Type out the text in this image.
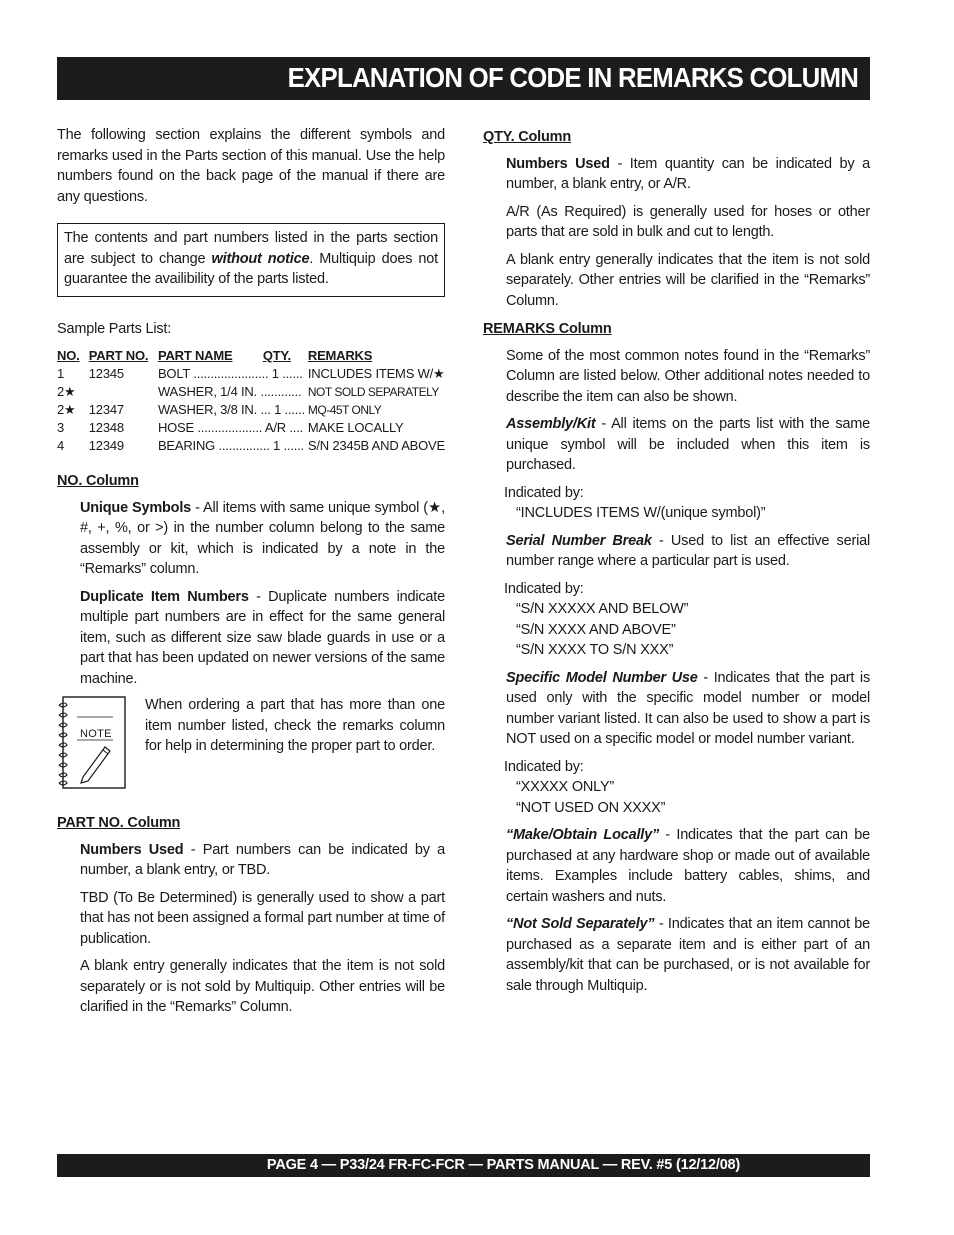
EXPLANATION OF CODE IN REMARKS COLUMN

The following section explains the different symbols and remarks used in the Parts section of this manual. Use the help numbers found on the back page of the manual if there are any questions.

The contents and part numbers listed in the parts section are subject to change without notice. Multiquip does not guarantee the availibility of the parts listed.

Sample Parts List:

NO.	PART NO.	PART NAME	QTY.	REMARKS
1	12345	BOLT ...................... 1 ......		INCLUDES ITEMS W/★
2★		WASHER, 1/4 IN. ............		NOT SOLD SEPARATELY
2★	12347	WASHER, 3/8 IN. ... 1 ......		MQ-45T ONLY
3	12348	HOSE ................... A/R ....		MAKE LOCALLY
4	12349	BEARING ............... 1 ......		S/N 2345B AND ABOVE

NO. Column

Unique Symbols - All items with same unique symbol (★, #, +, %, or >) in the number column belong to the same assembly or kit, which is indicated by a note in the “Remarks” column.

Duplicate Item Numbers - Duplicate numbers indicate multiple part numbers are in effect for the same general item, such as different size saw blade guards in use or a part that has been updated on newer versions of the same machine.

NOTE

When ordering a part that has more than one item number listed, check the remarks column for help in determining the proper part to order.

PART NO. Column

Numbers Used - Part numbers can be indicated by a number, a blank entry, or TBD.

TBD (To Be Determined) is generally used to show a part that has not been assigned a formal part number at time of publication.

A blank entry generally indicates that the item is not sold separately or is not sold by Multiquip. Other entries will be clarified in the “Remarks” Column.

QTY. Column

Numbers Used - Item quantity can be indicated by a number, a blank entry, or A/R.

A/R (As Required) is generally used for hoses or other parts that are sold in bulk and cut to length.

A blank entry generally indicates that the item is not sold separately. Other entries will be clarified in the “Remarks” Column.

REMARKS Column

Some of the most common notes found in the “Remarks” Column are listed below. Other additional notes needed to describe the item can also be shown.

Assembly/Kit - All items on the parts list with the same unique symbol will be included when this item is purchased.

Indicated by:

“INCLUDES ITEMS W/(unique symbol)”

Serial Number Break - Used to list an effective serial number range where a particular part is used.

Indicated by:

“S/N XXXXX AND BELOW”

“S/N XXXX AND ABOVE”

“S/N XXXX TO S/N XXX”

Specific Model Number Use - Indicates that the part is used only with the specific model number or model number variant listed. It can also be used to show a part is NOT used on a specific model or model number variant.

Indicated by:

“XXXXX ONLY”

“NOT USED ON XXXX”

“Make/Obtain Locally” - Indicates that the part can be purchased at any hardware shop or made out of available items. Examples include battery cables, shims, and certain washers and nuts.

“Not Sold Separately” - Indicates that an item cannot be purchased as a separate item and is either part of an assembly/kit that can be purchased, or is not available for sale through Multiquip.

PAGE 4 — P33/24 FR-FC-FCR — PARTS MANUAL — REV. #5 (12/12/08)
